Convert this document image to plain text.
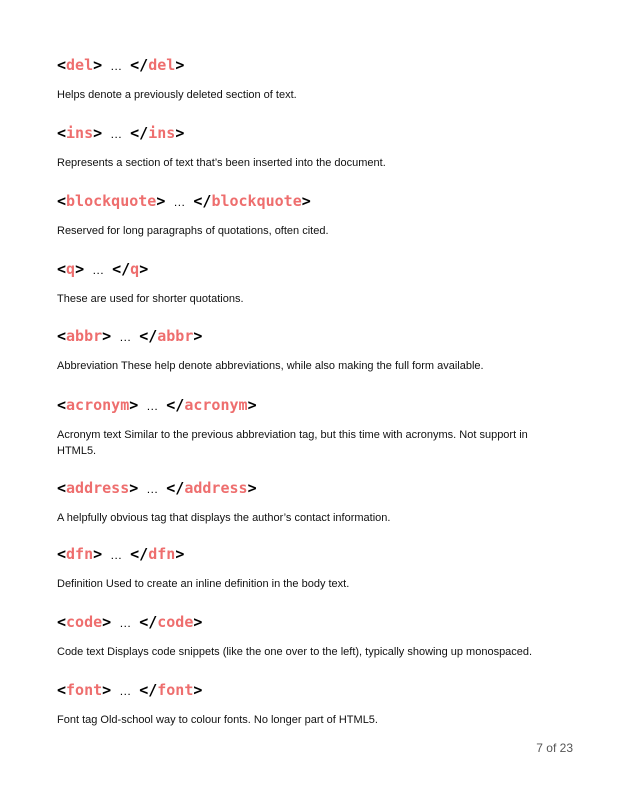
<del> … </del>
Helps denote a previously deleted section of text.
<ins> … </ins>
Represents a section of text that’s been inserted into the document.
<blockquote> … </blockquote>
Reserved for long paragraphs of quotations, often cited.
<q> … </q>
These are used for shorter quotations.
<abbr> … </abbr>
Abbreviation These help denote abbreviations, while also making the full form available.
<acronym> … </acronym>
Acronym text Similar to the previous abbreviation tag, but this time with acronyms. Not support in HTML5.
<address> … </address>
A helpfully obvious tag that displays the author’s contact information.
<dfn> … </dfn>
Definition Used to create an inline definition in the body text.
<code> … </code>
Code text Displays code snippets (like the one over to the left), typically showing up monospaced.
<font> … </font>
Font tag Old-school way to colour fonts. No longer part of HTML5.
7 of 23
